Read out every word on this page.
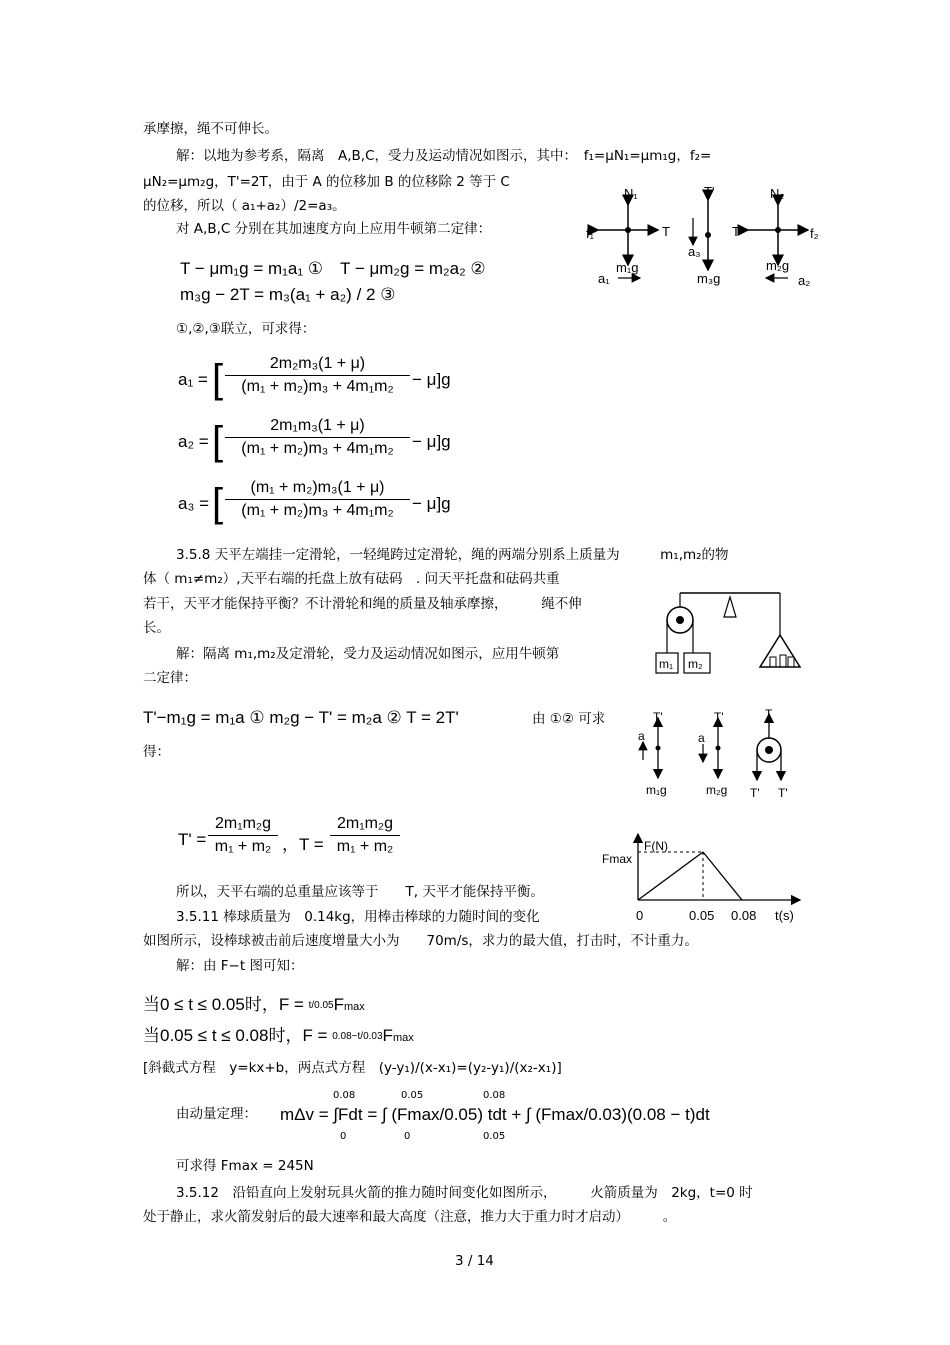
承摩擦，绳不可伸长。
解：以地为参考系，隔离　A,B,C，受力及运动情况如图示，其中：　f₁=μN₁=μm₁g，f₂=
μN₂=μm₂g，T'=2T，由于 A 的位移加 B 的位移除 2 等于 C
的位移，所以（ a₁+a₂）/2=a₃。
对 A,B,C 分别在其加速度方向上应用牛顿第二定律：
N₁
f₁	T
m₁g
a₁
T'
a₃
m₃g
N₂
T	f₂
m₂g
a₂
T − μm₁g = m₁a₁ ①　T − μm₂g = m₂a₂ ②
m₃g − 2T = m₃(a₁ + a₂) / 2 ③
①,②,③联立，可求得：
a₁ = [ $\frac{\text{2m₂m₃(1 + μ)}}{\text{(m₁ + m₂)m₃ + 4m₁m₂}} - \mu]g$
a₂ = [ $\frac{\text{2m₁m₃(1 + μ)}}{\text{(m₁ + m₂)m₃ + 4m₁m₂}} - \mu]g$
a₃ = [ $\frac{\text{(m₁ + m₂)m₃(1 + μ)}}{\text{(m₁ + m₂)m₃ + 4m₁m₂}} - \mu]g$
3.5.8 天平左端挂一定滑轮，一轻绳跨过定滑轮，绳的两端分别系上质量为　　　m₁,m₂的物
体（ m₁≠m₂）,天平右端的托盘上放有砝码　. 问天平托盘和砝码共重
若干，天平才能保持平衡？不计滑轮和绳的质量及轴承摩擦，　　　绳不伸
长。
m₁ m₂
解：隔离 m₁,m₂及定滑轮，受力及运动情况如图示，应用牛顿第
二定律：
T'−m₁g = m₁a ① m₂g − T' = m₂a ② T = 2T'	由 ①② 可求
得：
T'
a
m₁g
T'
a
m₂g
T
T' T'
$T' = \frac{\text{2m₁m₂g}}{\text{m₁ + m₂}}$ ，$T = \frac{\text{2m₁m₂g}}{\text{m₁ + m₂}}$
所以，天平右端的总重量应该等于　　T, 天平才能保持平衡。
3.5.11 棒球质量为　0.14kg，用棒击棒球的力随时间的变化
如图所示，设棒球被击前后速度增量大小为　　70m/s，求力的最大值，打击时，不计重力。
解：由 F−t 图可知：
F(N)
Fmax
0	0.05 0.08 t(s)
当0 ≤ t ≤ 0.05时，F = t/0.05Fmax
当0.05 ≤ t ≤ 0.08时，F = 0.08−t/0.03Fmax
[斜截式方程　y=kx+b，两点式方程　(y-y₁)/(x-x₁)=(y₂-y₁)/(x₂-x₁)]
0.08	0.05	0.08
由动量定理： mΔv = ∫Fdt = ∫ (Fmax/0.05) tdt + ∫ (Fmax/0.03)(0.08 − t)dt
0	0	0.05
可求得 Fmax = 245N
3.5.12　沿铅直向上发射玩具火箭的推力随时间变化如图所示，　　　火箭质量为　2kg，t=0 时
处于静止，求火箭发射后的最大速率和最大高度（注意，推力大于重力时才启动）　　　。
3 / 14
